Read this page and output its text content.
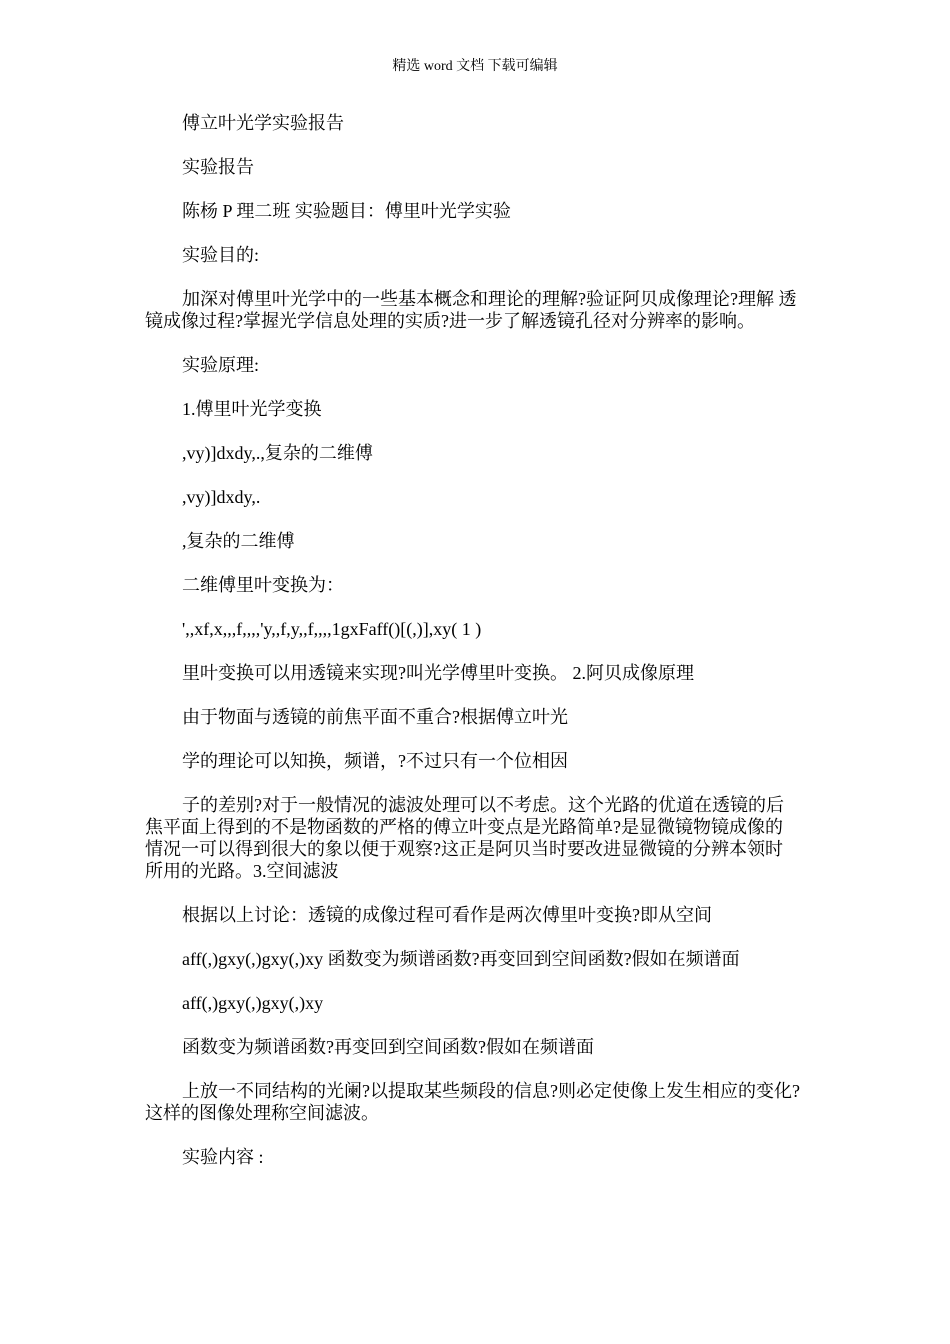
精选 word 文档 下载可编辑

傅立叶光学实验报告

实验报告

陈杨 P 理二班 实验题目：傅里叶光学实验

实验目的:

加深对傅里叶光学中的一些基本概念和理论的理解?验证阿贝成像理论?理解 透镜成像过程?掌握光学信息处理的实质?进一步了解透镜孔径对分辨率的影响。

实验原理:

1.傅里叶光学变换

,vy)]dxdy,.,复杂的二维傅

,vy)]dxdy,.

,复杂的二维傅

二维傅里叶变换为：

',,xf,x,,,f,,,,'y,,f,y,,f,,,,1gxFaff()[(,)],xy( 1 )

里叶变换可以用透镜来实现?叫光学傅里叶变换。 2.阿贝成像原理

由于物面与透镜的前焦平面不重合?根据傅立叶光

学的理论可以知换，频谱，?不过只有一个位相因

子的差别?对于一般情况的滤波处理可以不考虑。这个光路的优道在透镜的后 焦平面上得到的不是物函数的严格的傅立叶变点是光路简单?是显微镜物镜成像的 情况一可以得到很大的象以便于观察?这正是阿贝当时要改进显微镜的分辨本领时 所用的光路。3.空间滤波

根据以上讨论：透镜的成像过程可看作是两次傅里叶变换?即从空间

aff(,)gxy(,)gxy(,)xy 函数变为频谱函数?再变回到空间函数?假如在频谱面

aff(,)gxy(,)gxy(,)xy

函数变为频谱函数?再变回到空间函数?假如在频谱面

上放一不同结构的光阑?以提取某些频段的信息?则必定使像上发生相应的变化? 这样的图像处理称空间滤波。

实验内容 :
